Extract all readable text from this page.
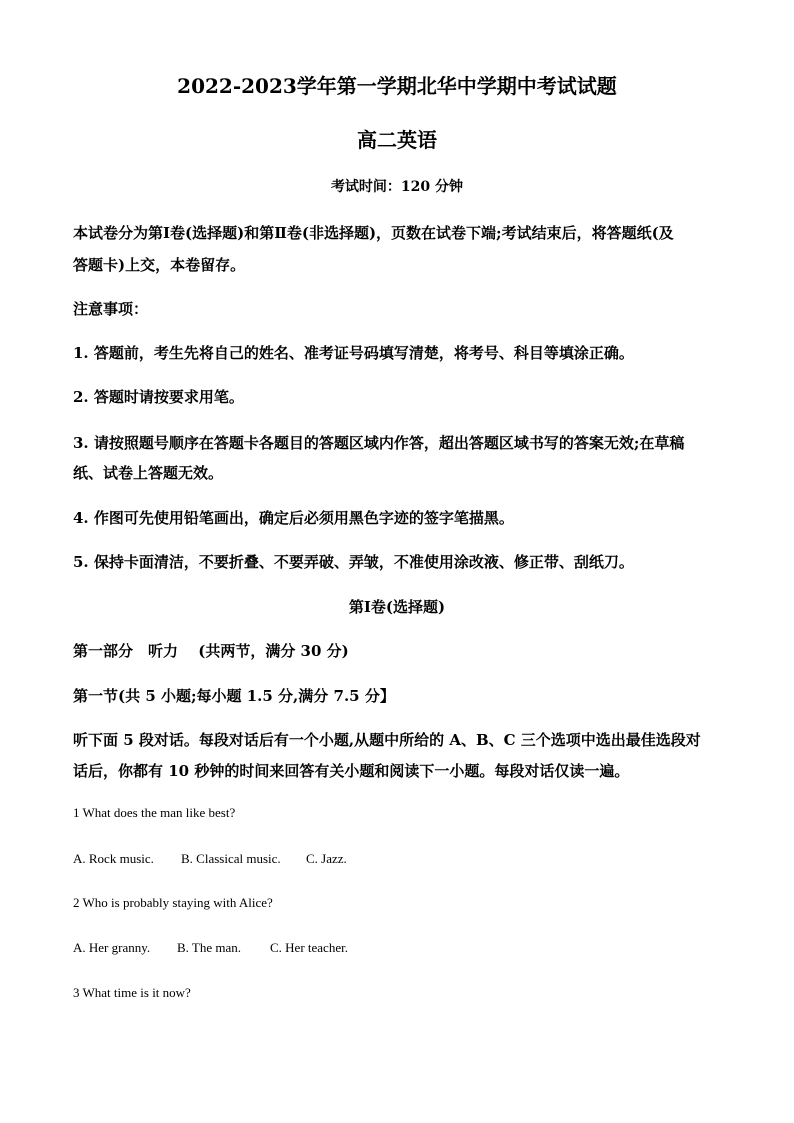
2022-2023学年第一学期北华中学期中考试试题
高二英语
考试时间：120 分钟
本试卷分为第Ⅰ卷(选择题)和第Ⅱ卷(非选择题)，页数在试卷下端;考试结束后，将答题纸(及
答题卡)上交，本卷留存。
注意事项：
1. 答题前，考生先将自己的姓名、准考证号码填写清楚，将考号、科目等填涂正确。
2. 答题时请按要求用笔。
3. 请按照题号顺序在答题卡各题目的答题区域内作答，超出答题区域书写的答案无效;在草稿
纸、试卷上答题无效。
4. 作图可先使用铅笔画出，确定后必须用黑色字迹的签字笔描黑。
5. 保持卡面清洁，不要折叠、不要弄破、弄皱，不准使用涂改液、修正带、刮纸刀。
第Ⅰ卷(选择题)
第一部分　听力　 (共两节，满分 30 分)
第一节(共 5 小题;每小题 1.5 分,满分 7.5 分】
听下面 5 段对话。每段对话后有一个小题,从题中所给的 A、B、C 三个选项中选出最佳选段对
话后，你都有 10 秒钟的时间来回答有关小题和阅读下一小题。每段对话仅读一遍。
1 What does the man like best?
A. Rock music. B. Classical music. C. Jazz.
2 Who is probably staying with Alice?
A. Her granny. B. The man. C. Her teacher.
3 What time is it now?
